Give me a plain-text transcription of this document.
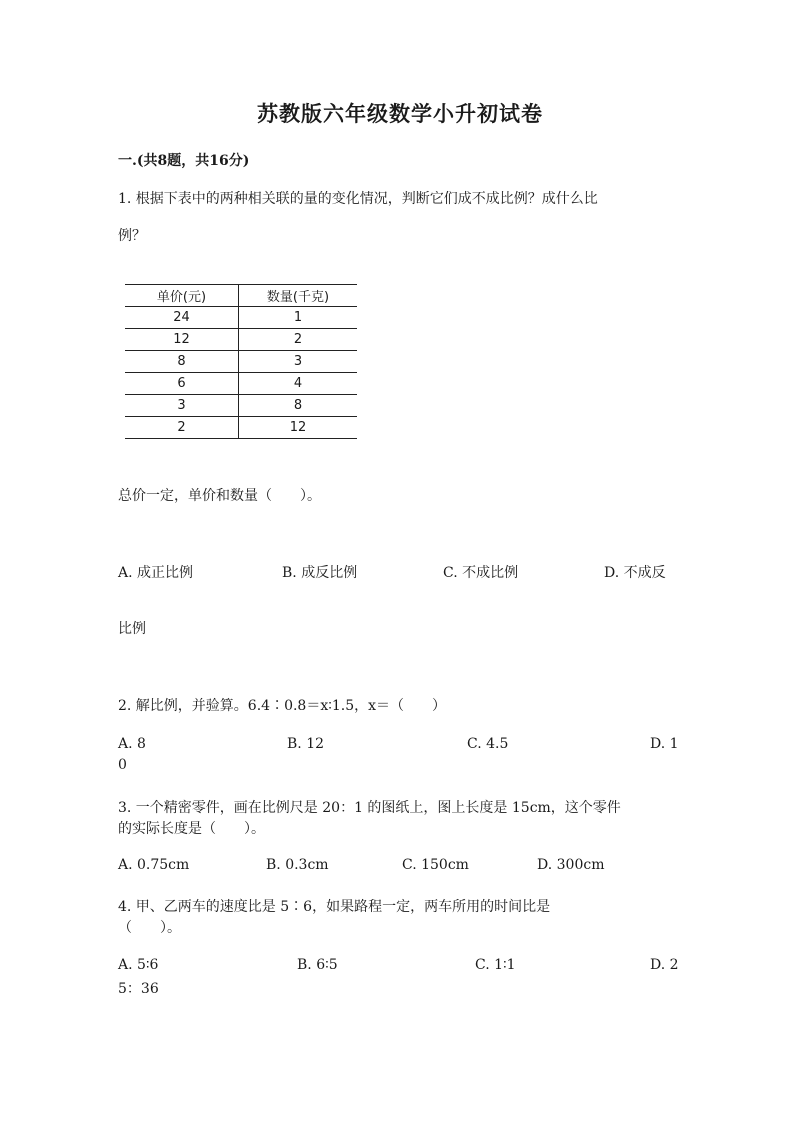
苏教版六年级数学小升初试卷
一.(共8题，共16分)
1. 根据下表中的两种相关联的量的变化情况，判断它们成不成比例？成什么比
例？
单价(元)	数量(千克)
24	1
12	2
8	3
6	4
3	8
2	12
总价一定，单价和数量（　　）。
A. 成正比例	B. 成反比例	C. 不成比例	D. 不成反
比例
2. 解比例，并验算。6.4∶0.8＝x∶1.5，x＝（　　）
A. 8	B. 12	C. 4.5	D. 1
0
3. 一个精密零件，画在比例尺是 20：1 的图纸上，图上长度是 15cm，这个零件
的实际长度是（　　）。
A. 0.75cm	B. 0.3cm	C. 150cm	D. 300cm
4. 甲、乙两车的速度比是 5∶6，如果路程一定，两车所用的时间比是
（　　）。
A. 5∶6	B. 6∶5	C. 1∶1	D. 2
5：36
